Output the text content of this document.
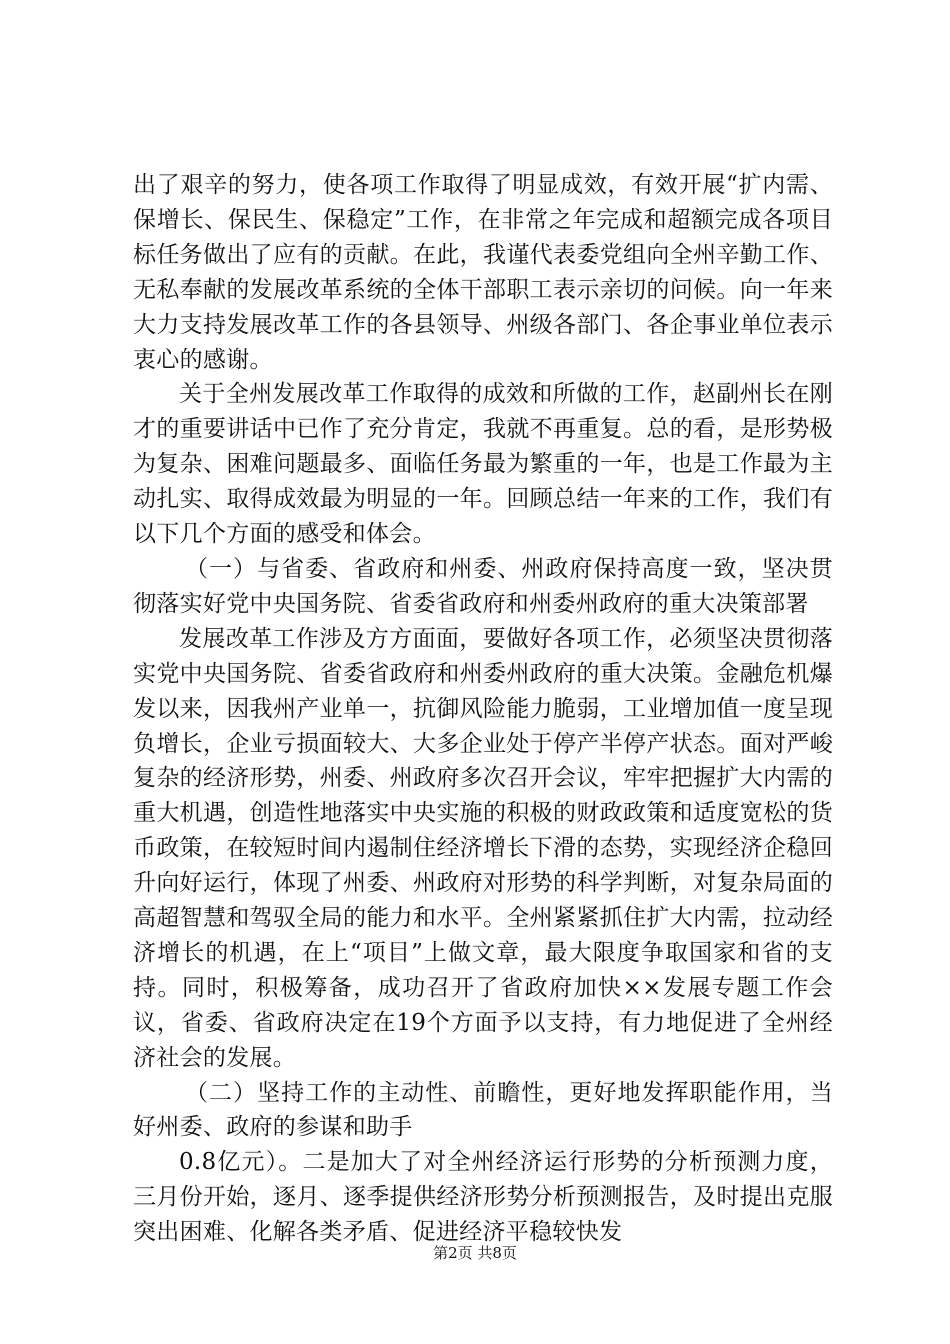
出了艰辛的努力，使各项工作取得了明显成效，有效开展“扩内需、保增长、保民生、保稳定”工作，在非常之年完成和超额完成各项目标任务做出了应有的贡献。在此，我谨代表委党组向全州辛勤工作、无私奉献的发展改革系统的全体干部职工表示亲切的问候。向一年来大力支持发展改革工作的各县领导、州级各部门、各企事业单位表示衷心的感谢。

关于全州发展改革工作取得的成效和所做的工作，赵副州长在刚才的重要讲话中已作了充分肯定，我就不再重复。总的看，是形势极为复杂、困难问题最多、面临任务最为繁重的一年，也是工作最为主动扎实、取得成效最为明显的一年。回顾总结一年来的工作，我们有以下几个方面的感受和体会。

（一）与省委、省政府和州委、州政府保持高度一致，坚决贯彻落实好党中央国务院、省委省政府和州委州政府的重大决策部署

发展改革工作涉及方方面面，要做好各项工作，必须坚决贯彻落实党中央国务院、省委省政府和州委州政府的重大决策。金融危机爆发以来，因我州产业单一，抗御风险能力脆弱，工业增加值一度呈现负增长，企业亏损面较大、大多企业处于停产半停产状态。面对严峻复杂的经济形势，州委、州政府多次召开会议，牢牢把握扩大内需的重大机遇，创造性地落实中央实施的积极的财政政策和适度宽松的货币政策，在较短时间内遏制住经济增长下滑的态势，实现经济企稳回升向好运行，体现了州委、州政府对形势的科学判断，对复杂局面的高超智慧和驾驭全局的能力和水平。全州紧紧抓住扩大内需，拉动经济增长的机遇，在上“项目”上做文章，最大限度争取国家和省的支持。同时，积极筹备，成功召开了省政府加快××发展专题工作会议，省委、省政府决定在19个方面予以支持，有力地促进了全州经济社会的发展。

（二）坚持工作的主动性、前瞻性，更好地发挥职能作用，当好州委、政府的参谋和助手

0.8亿元）。二是加大了对全州经济运行形势的分析预测力度，三月份开始，逐月、逐季提供经济形势分析预测报告，及时提出克服突出困难、化解各类矛盾、促进经济平稳较快发

第2页 共8页
